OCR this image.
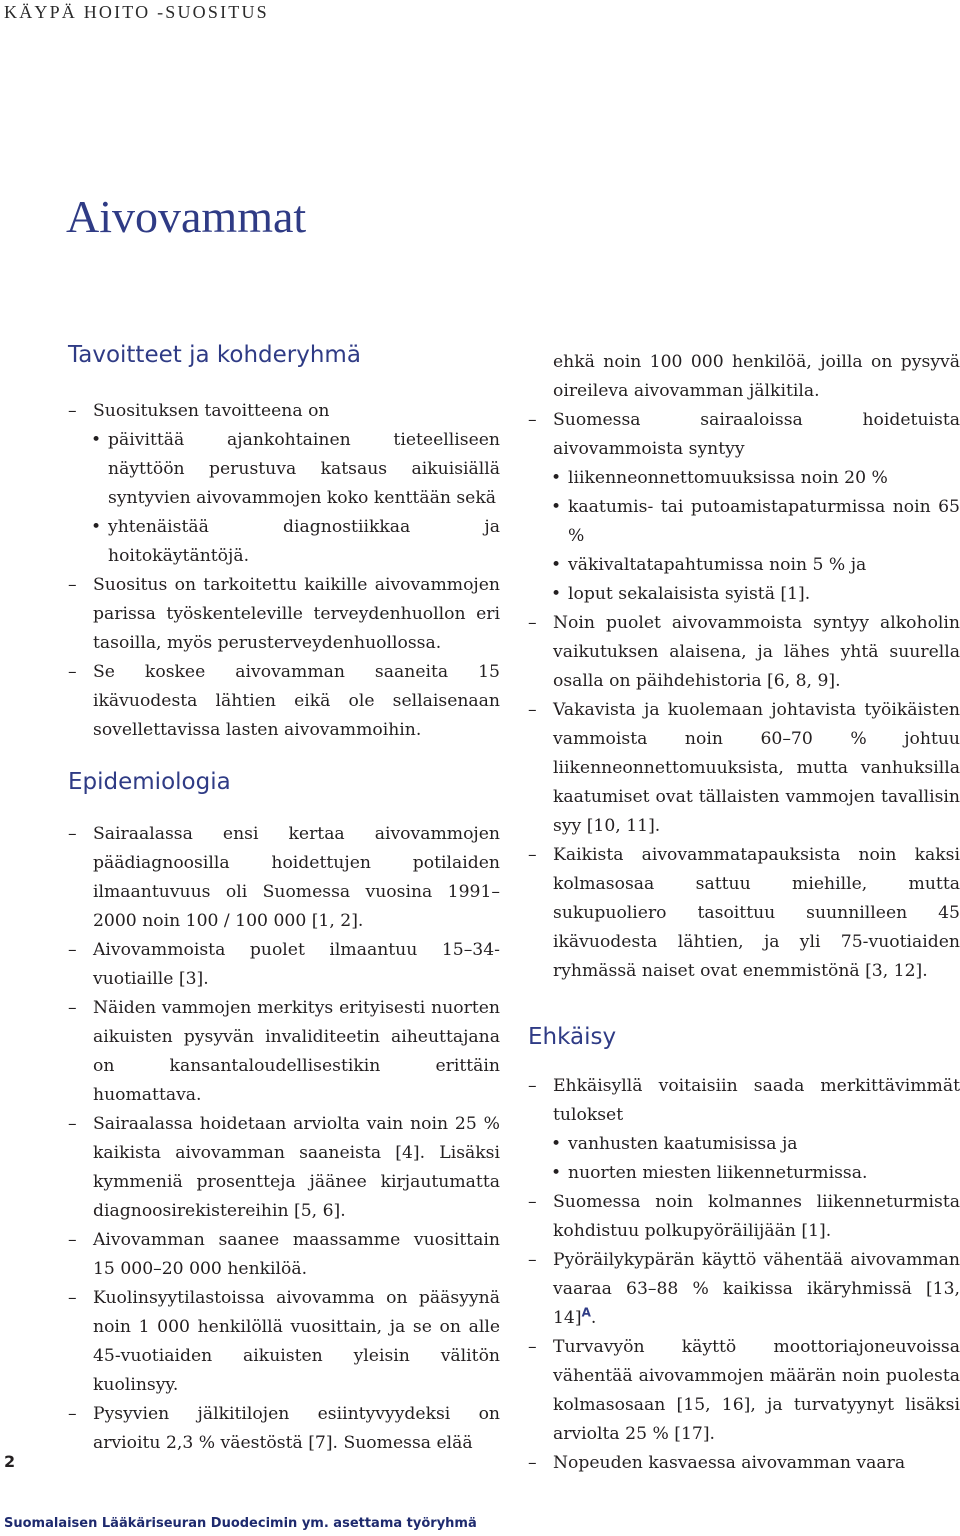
KÄYPÄ HOITO -SUOSITUS
Aivovammat
Tavoitteet ja kohderyhmä
– Suosituksen tavoitteena on
• päivittää ajankohtainen tieteelliseen näyttöön perustuva katsaus aikuisiällä syntyvien aivovammojen koko kenttään sekä
• yhtenäistää diagnostiikkaa ja hoitokäytäntöjä.
– Suositus on tarkoitettu kaikille aivovammojen parissa työskenteleville terveydenhuollon eri tasoilla, myös perusterveydenhuollossa.
– Se koskee aivovamman saaneita 15 ikävuodesta lähtien eikä ole sellaisenaan sovellettavissa lasten aivovammoihin.
Epidemiologia
– Sairaalassa ensi kertaa aivovammojen päädiagnoosilla hoidettujen potilaiden ilmaantuvuus oli Suomessa vuosina 1991–2000 noin 100 / 100 000 [1, 2].
– Aivovammoista puolet ilmaantuu 15–34-vuotiaille [3].
– Näiden vammojen merkitys erityisesti nuorten aikuisten pysyvän invaliditeetin aiheuttajana on kansantaloudellisestikin erittäin huomattava.
– Sairaalassa hoidetaan arviolta vain noin 25 % kaikista aivovamman saaneista [4]. Lisäksi kymmeniä prosentteja jäänee kirjautumatta diagnoosirekistereihin [5, 6].
– Aivovamman saanee maassamme vuosittain 15 000–20 000 henkilöä.
– Kuolinsyytilastoissa aivovamma on pääsyynä noin 1 000 henkilöllä vuosittain, ja se on alle 45-vuotiaiden aikuisten yleisin välitön kuolinsyy.
– Pysyvien jälkitilojen esiintyvyydeksi on arvioitu 2,3 % väestöstä [7]. Suomessa elää
ehkä noin 100 000 henkilöä, joilla on pysyvä oireileva aivovamman jälkitila.
– Suomessa sairaaloissa hoidetuista aivovammoista syntyy
• liikenneonnettomuuksissa noin 20 %
• kaatumis- tai putoamistapaturmissa noin 65 %
• väkivaltatapahtumissa noin 5 % ja
• loput sekalaisista syistä [1].
– Noin puolet aivovammoista syntyy alkoholin vaikutuksen alaisena, ja lähes yhtä suurella osalla on päihdehistoria [6, 8, 9].
– Vakavista ja kuolemaan johtavista työikäisten vammoista noin 60–70 % johtuu liikenneonnettomuuksista, mutta vanhuksilla kaatumiset ovat tällaisten vammojen tavallisin syy [10, 11].
– Kaikista aivovammatapauksista noin kaksi kolmasosaa sattuu miehille, mutta sukupuoliero tasoittuu suunnilleen 45 ikävuodesta lähtien, ja yli 75-vuotiaiden ryhmässä naiset ovat enemmistönä [3, 12].
Ehkäisy
– Ehkäisyllä voitaisiin saada merkittävimmät tulokset
• vanhusten kaatumisissa ja
• nuorten miesten liikenneturmissa.
– Suomessa noin kolmannes liikenneturmista kohdistuu polkupyöräilijään [1].
– Pyöräilykypärän käyttö vähentää aivovamman vaaraa 63–88 % kaikissa ikäryhmissä [13, 14]$^A$.
– Turvavyön käyttö moottoriajoneuvoissa vähentää aivovammojen määrän noin puolesta kolmasosaan [15, 16], ja turvatyynyt lisäksi arviolta 25 % [17].
– Nopeuden kasvaessa aivovamman vaara
2
Suomalaisen Lääkäriseuran Duodecimin ym. asettama työryhmä
